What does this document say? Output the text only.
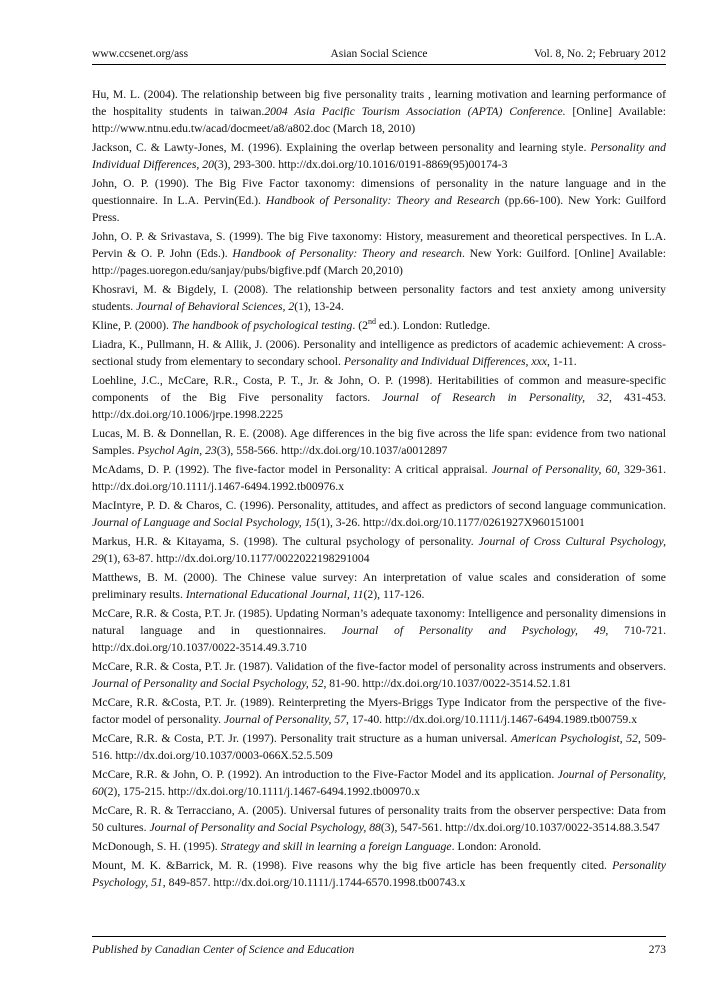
www.ccsenet.org/ass	Asian Social Science	Vol. 8, No. 2; February 2012

Hu, M. L. (2004). The relationship between big five personality traits , learning motivation and learning performance of the hospitality students in taiwan.2004 Asia Pacific Tourism Association (APTA) Conference. [Online] Available: http://www.ntnu.edu.tw/acad/docmeet/a8/a802.doc (March 18, 2010)

Jackson, C. & Lawty-Jones, M. (1996). Explaining the overlap between personality and learning style. Personality and Individual Differences, 20(3), 293-300. http://dx.doi.org/10.1016/0191-8869(95)00174-3

John, O. P. (1990). The Big Five Factor taxonomy: dimensions of personality in the nature language and in the questionnaire. In L.A. Pervin(Ed.). Handbook of Personality: Theory and Research (pp.66-100). New York: Guilford Press.

John, O. P. & Srivastava, S. (1999). The big Five taxonomy: History, measurement and theoretical perspectives. In L.A. Pervin & O. P. John (Eds.). Handbook of Personality: Theory and research. New York: Guilford. [Online] Available: http://pages.uoregon.edu/sanjay/pubs/bigfive.pdf (March 20,2010)

Khosravi, M. & Bigdely, I. (2008). The relationship between personality factors and test anxiety among university students. Journal of Behavioral Sciences, 2(1), 13-24.

Kline, P. (2000). The handbook of psychological testing. (2nd ed.). London: Rutledge.

Liadra, K., Pullmann, H. & Allik, J. (2006). Personality and intelligence as predictors of academic achievement: A cross-sectional study from elementary to secondary school. Personality and Individual Differences, xxx, 1-11.

Loehline, J.C., McCare, R.R., Costa, P. T., Jr. & John, O. P. (1998). Heritabilities of common and measure-specific components of the Big Five personality factors. Journal of Research in Personality, 32, 431-453. http://dx.doi.org/10.1006/jrpe.1998.2225

Lucas, M. B. & Donnellan, R. E. (2008). Age differences in the big five across the life span: evidence from two national Samples. Psychol Agin, 23(3), 558-566. http://dx.doi.org/10.1037/a0012897

McAdams, D. P. (1992). The five-factor model in Personality: A critical appraisal. Journal of Personality, 60, 329-361. http://dx.doi.org/10.1111/j.1467-6494.1992.tb00976.x

MacIntyre, P. D. & Charos, C. (1996). Personality, attitudes, and affect as predictors of second language communication. Journal of Language and Social Psychology, 15(1), 3-26. http://dx.doi.org/10.1177/0261927X960151001

Markus, H.R. & Kitayama, S. (1998). The cultural psychology of personality. Journal of Cross Cultural Psychology, 29(1), 63-87. http://dx.doi.org/10.1177/0022022198291004

Matthews, B. M. (2000). The Chinese value survey: An interpretation of value scales and consideration of some preliminary results. International Educational Journal, 11(2), 117-126.

McCare, R.R. & Costa, P.T. Jr. (1985). Updating Norman’s adequate taxonomy: Intelligence and personality dimensions in natural language and in questionnaires. Journal of Personality and Psychology, 49, 710-721. http://dx.doi.org/10.1037/0022-3514.49.3.710

McCare, R.R. & Costa, P.T. Jr. (1987). Validation of the five-factor model of personality across instruments and observers. Journal of Personality and Social Psychology, 52, 81-90. http://dx.doi.org/10.1037/0022-3514.52.1.81

McCare, R.R. &Costa, P.T. Jr. (1989). Reinterpreting the Myers-Briggs Type Indicator from the perspective of the five-factor model of personality. Journal of Personality, 57, 17-40. http://dx.doi.org/10.1111/j.1467-6494.1989.tb00759.x

McCare, R.R. & Costa, P.T. Jr. (1997). Personality trait structure as a human universal. American Psychologist, 52, 509-516. http://dx.doi.org/10.1037/0003-066X.52.5.509

McCare, R.R. & John, O. P. (1992). An introduction to the Five-Factor Model and its application. Journal of Personality, 60(2), 175-215. http://dx.doi.org/10.1111/j.1467-6494.1992.tb00970.x

McCare, R. R. & Terracciano, A. (2005). Universal futures of personality traits from the observer perspective: Data from 50 cultures. Journal of Personality and Social Psychology, 88(3), 547-561. http://dx.doi.org/10.1037/0022-3514.88.3.547

McDonough, S. H. (1995). Strategy and skill in learning a foreign Language. London: Aronold.

Mount, M. K. &Barrick, M. R. (1998). Five reasons why the big five article has been frequently cited. Personality Psychology, 51, 849-857. http://dx.doi.org/10.1111/j.1744-6570.1998.tb00743.x

Published by Canadian Center of Science and Education	273
